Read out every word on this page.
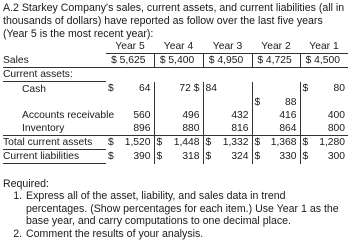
A.2 Starkey Company's sales, current assets, and current liabilities (all in thousands of dollars) have reported as follow over the last five years (Year 5 is the most recent year):
	Year 5	Year 4	Year 3	Year 2	Year 1
Sales	$ 5,625	$ 5,400	$ 4,950	$ 4,725	$ 4,500
Current assets:					
Cash	$ 64	72 $	84		$ 80

				$ 88	

Accounts receivable	560	496	432	416	400
Inventory	896	880	816	864	800
Total current assets	$ 1,520	$ 1,448	$ 1,332	$ 1,368	$ 1,280

Current liabilities	$ 390	$ 318	$ 324	$ 330	$ 300
Required:
1. Express all of the asset, liability, and sales data in trend percentages. (Show percentages for each item.) Use Year 1 as the base year, and carry computations to one decimal place.
2. Comment the results of your analysis.
